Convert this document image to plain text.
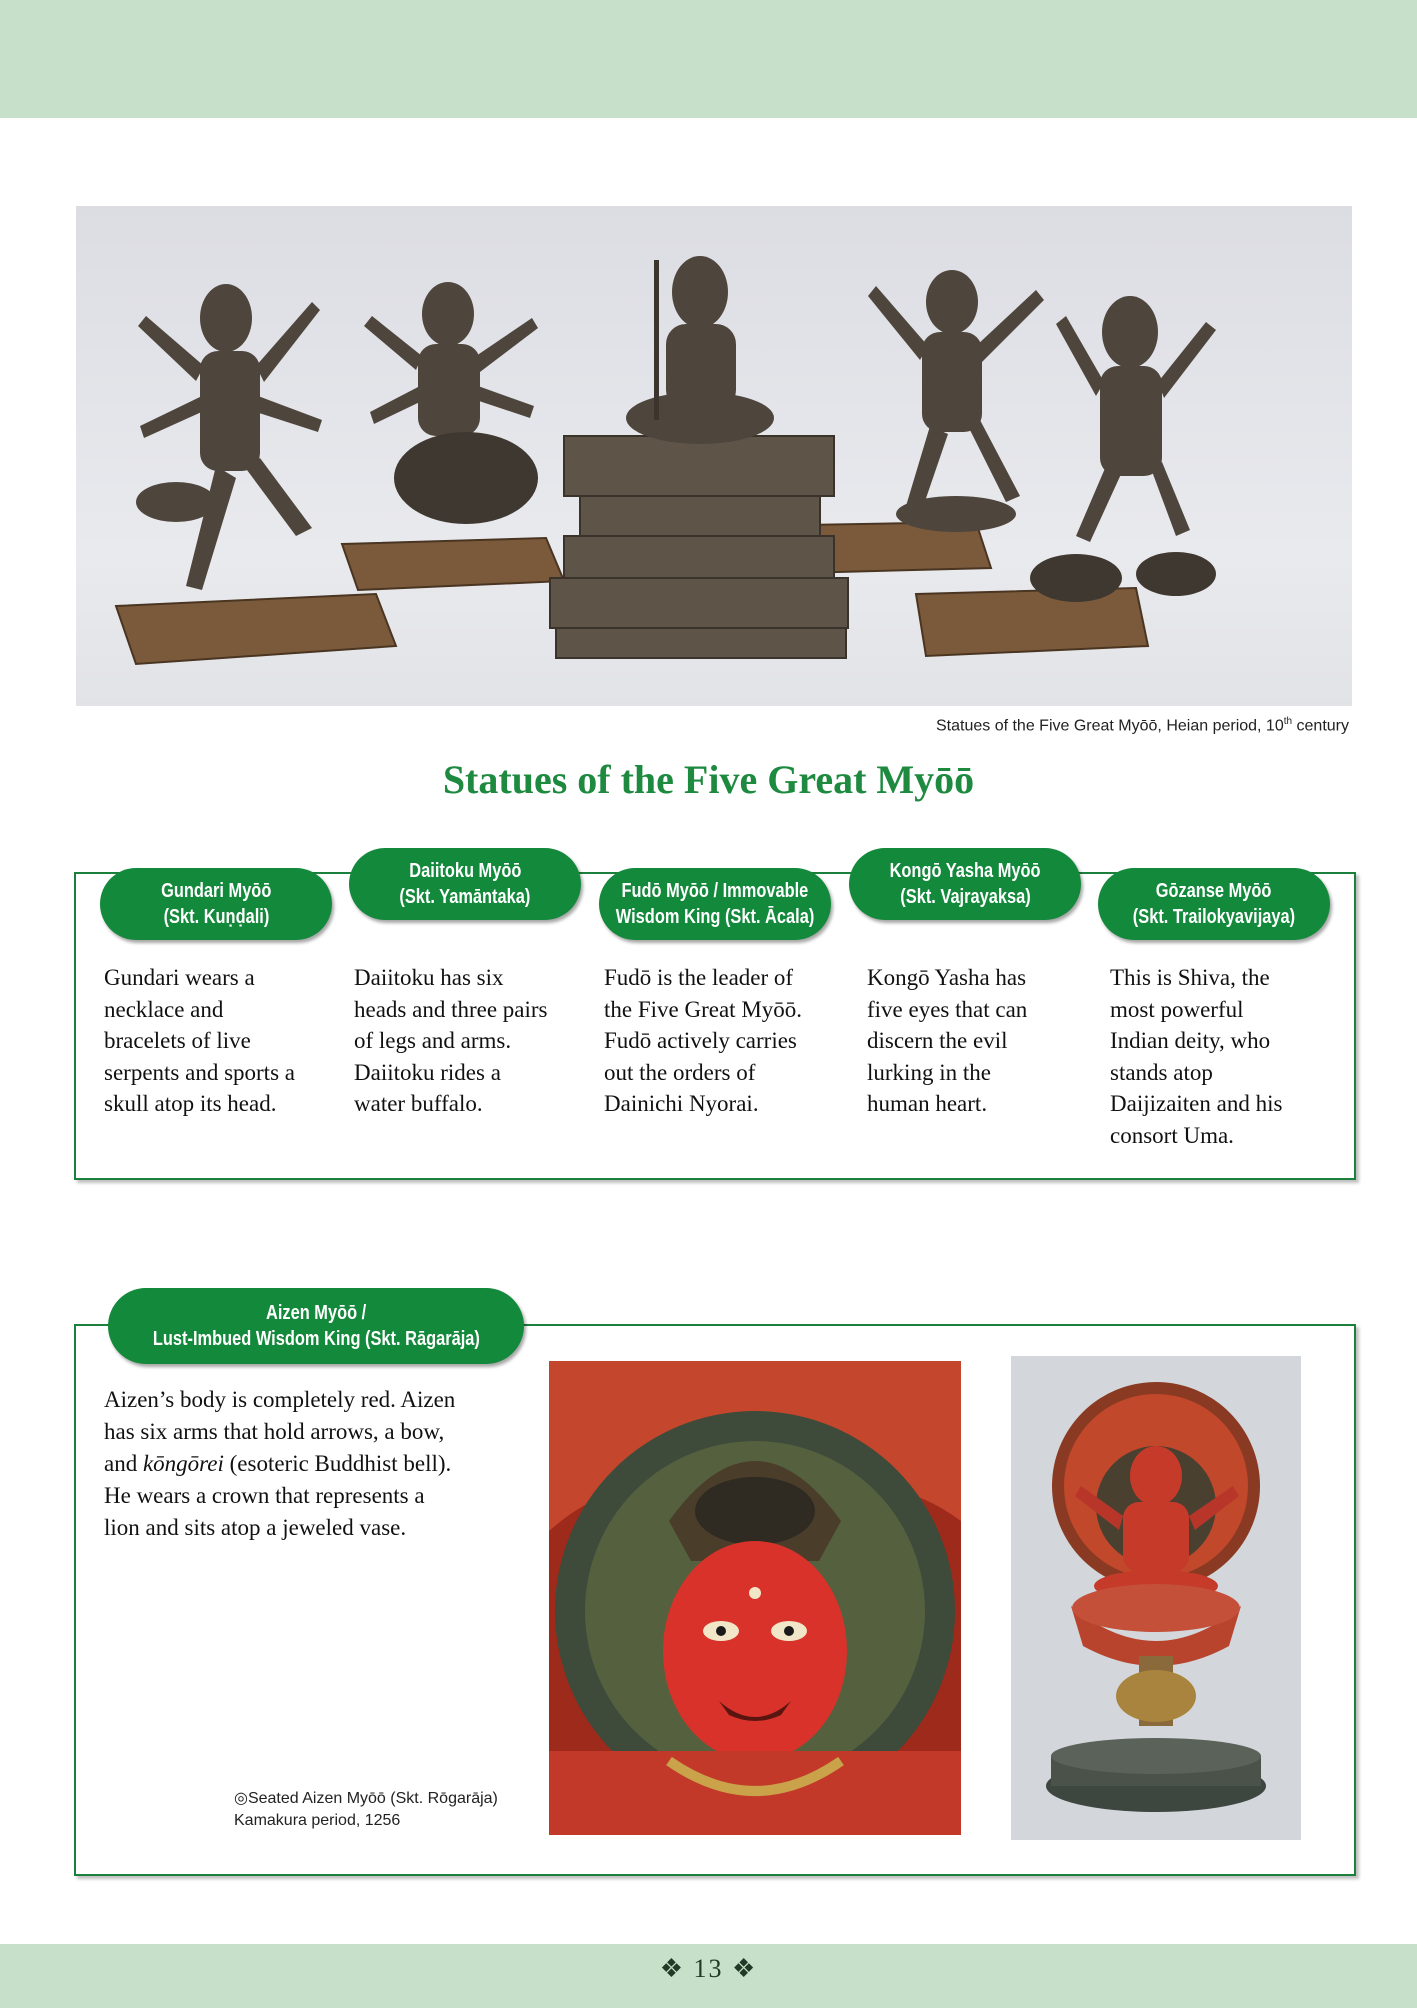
Statues of the Five Great Myōō, Heian period, 10th century
Statues of the Five Great Myōō
Gundari Myōō
(Skt. Kuṇḍali)
Daiitoku Myōō
(Skt. Yamāntaka)	Fudō Myōō / Immovable
Wisdom King (Skt. Ācala)
Kongō Yasha Myōō
(Skt. Vajrayaksa)	Gōzanse Myōō
(Skt. Trailokyavijaya)
Gundari wears a
necklace and
bracelets of live
serpents and sports a
skull atop its head.
Daiitoku has six
heads and three pairs
of legs and arms.
Daiitoku rides a
water buffalo.
Fudō is the leader of
the Five Great Myōō.
Fudō actively carries
out the orders of
Dainichi Nyorai.
Kongō Yasha has
five eyes that can
discern the evil
lurking in the
human heart.
This is Shiva, the
most powerful
Indian deity, who
stands atop
Daijizaiten and his
consort Uma.
Aizen Myōō /
Lust-Imbued Wisdom King (Skt. Rāgarāja)
Aizen’s body is completely red. Aizen
has six arms that hold arrows, a bow,
and kōngōrei (esoteric Buddhist bell).
He wears a crown that represents a
lion and sits atop a jeweled vase.
◎Seated Aizen Myōō (Skt. Rōgarāja)
Kamakura period, 1256
❖ 13 ❖
